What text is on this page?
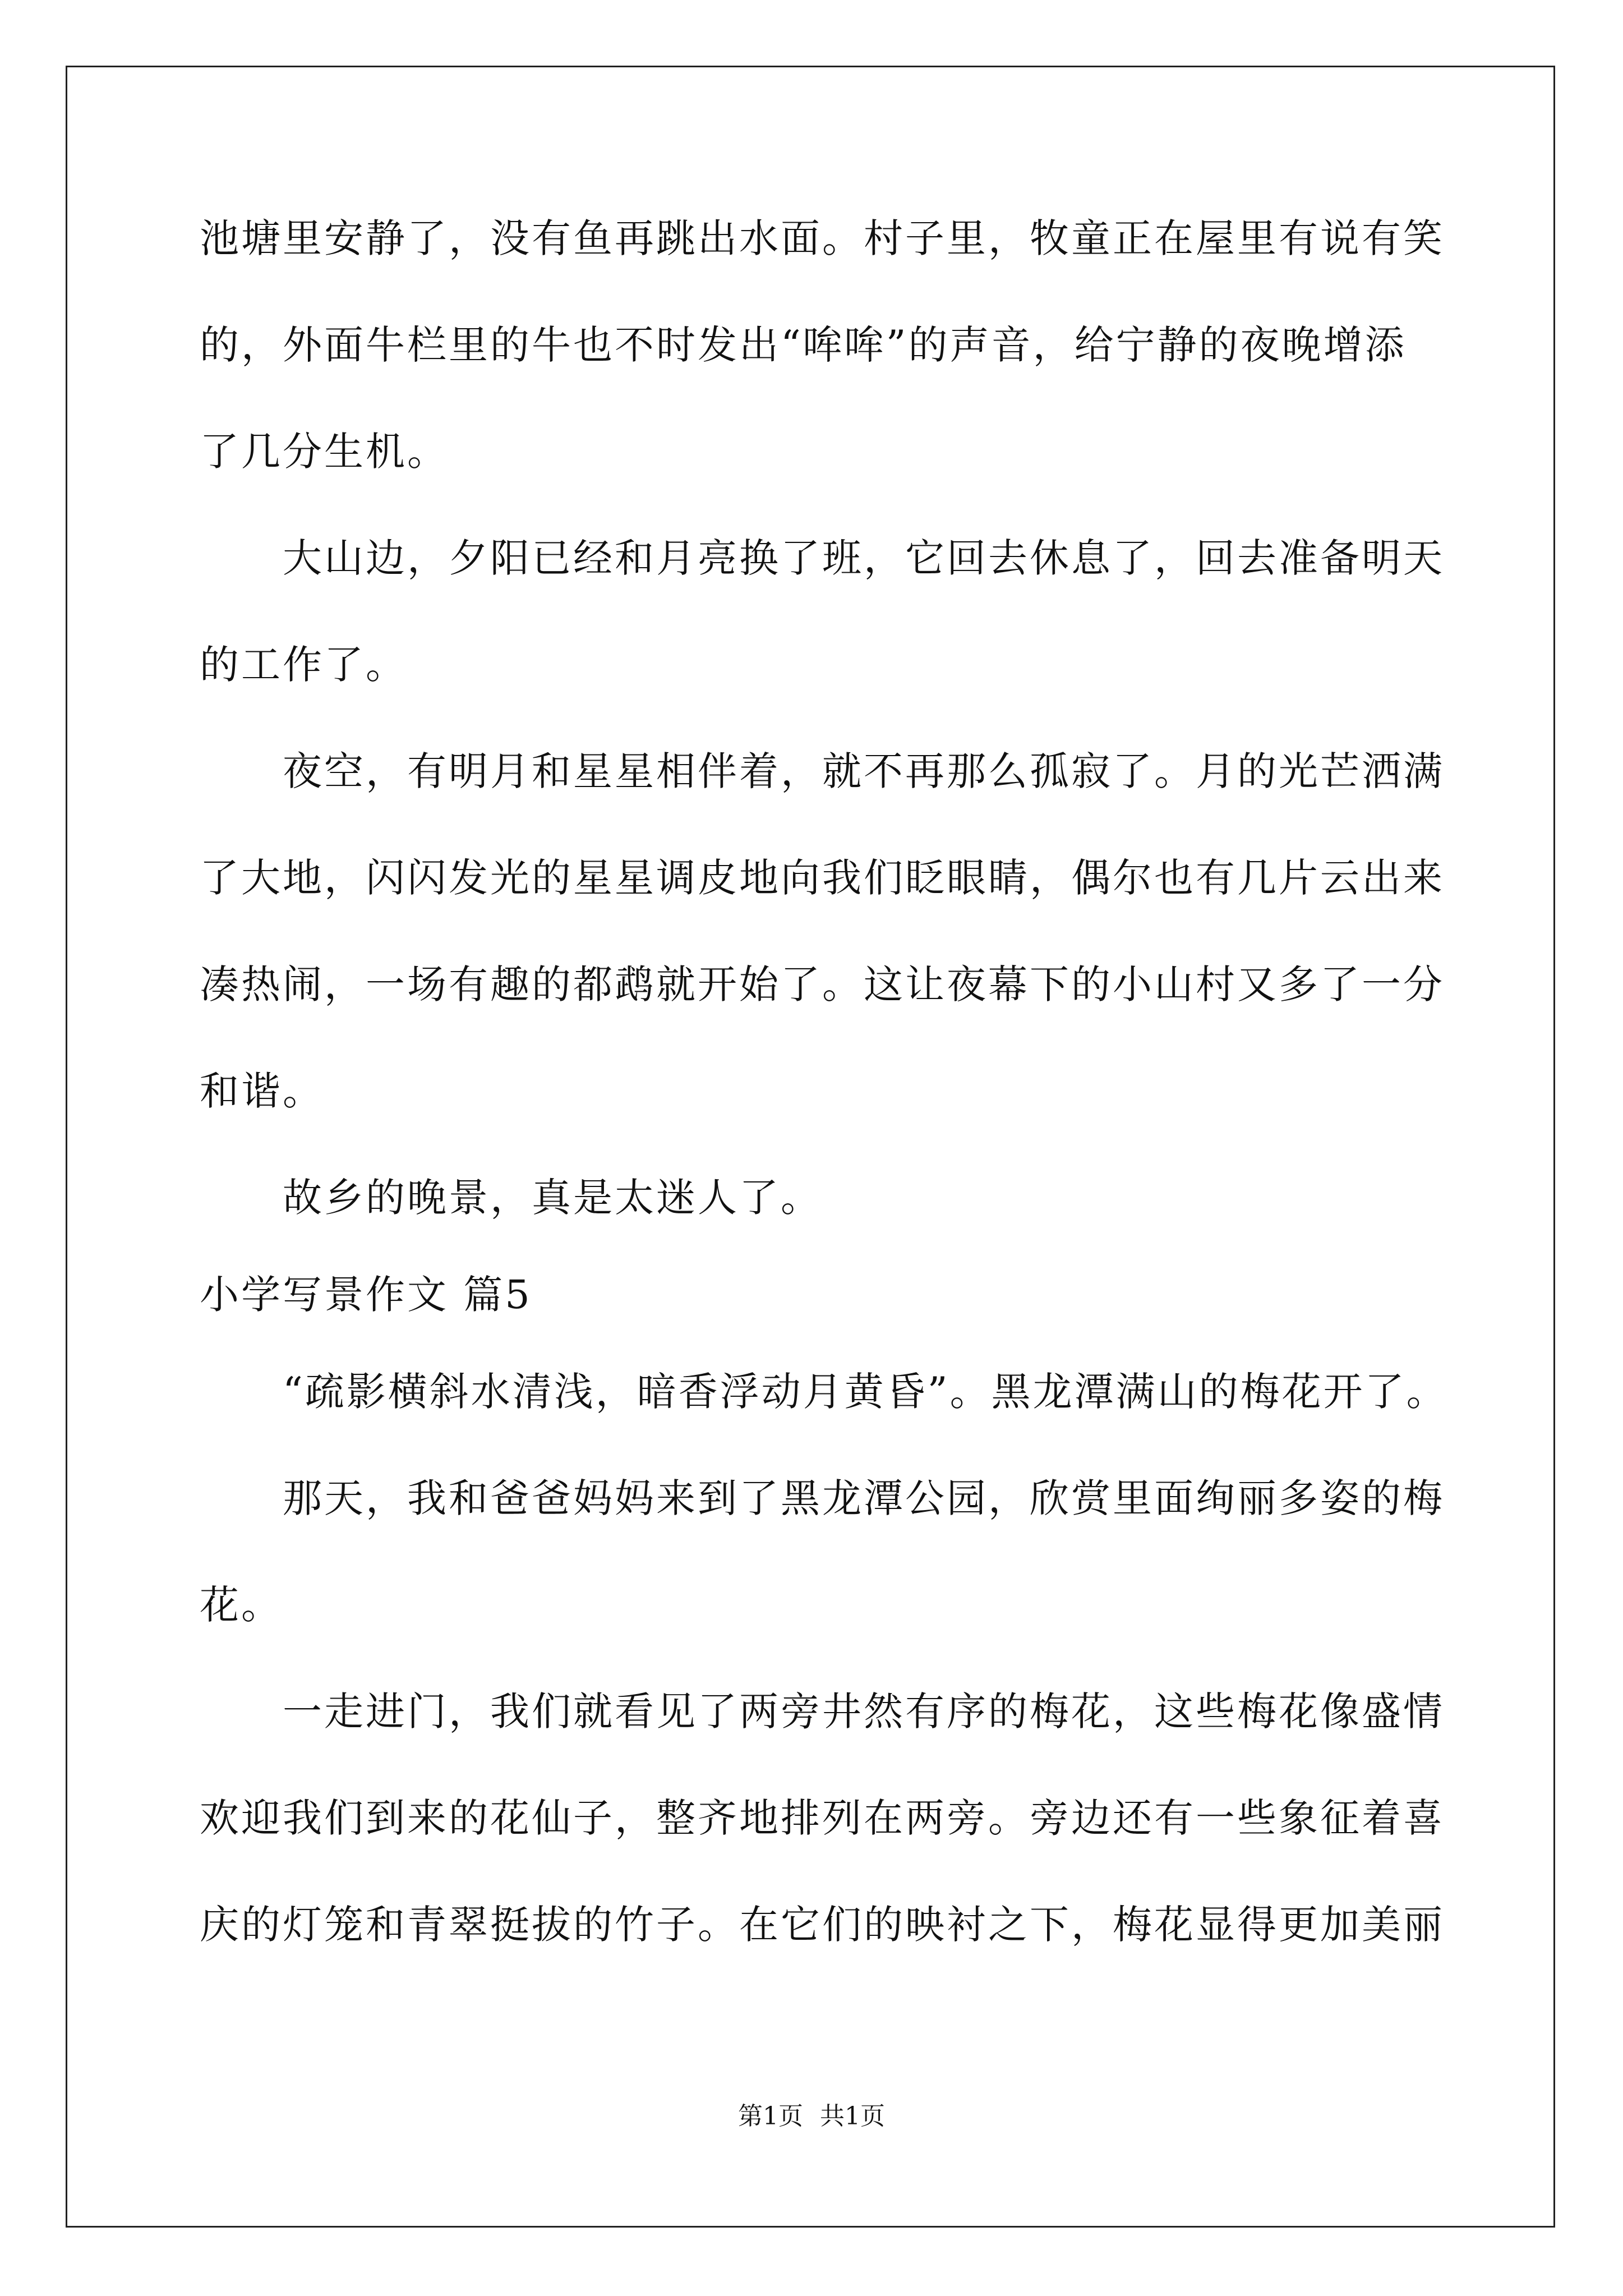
池塘里安静了，没有鱼再跳出水面。村子里，牧童正在屋里有说有笑
的，外面牛栏里的牛也不时发出“哞哞”的声音，给宁静的夜晚增添
了几分生机。
　　大山边，夕阳已经和月亮换了班，它回去休息了，回去准备明天
的工作了。
　　夜空，有明月和星星相伴着，就不再那么孤寂了。月的光芒洒满
了大地，闪闪发光的星星调皮地向我们眨眼睛，偶尔也有几片云出来
凑热闹，一场有趣的都鹉就开始了。这让夜幕下的小山村又多了一分
和谐。
　　故乡的晚景，真是太迷人了。
小学写景作文 篇5
　　“疏影横斜水清浅，暗香浮动月黄昏”。黑龙潭满山的梅花开了。
　　那天，我和爸爸妈妈来到了黑龙潭公园，欣赏里面绚丽多姿的梅
花。
　　一走进门，我们就看见了两旁井然有序的梅花，这些梅花像盛情
欢迎我们到来的花仙子，整齐地排列在两旁。旁边还有一些象征着喜
庆的灯笼和青翠挺拔的竹子。在它们的映衬之下，梅花显得更加美丽
第1页 共1页
